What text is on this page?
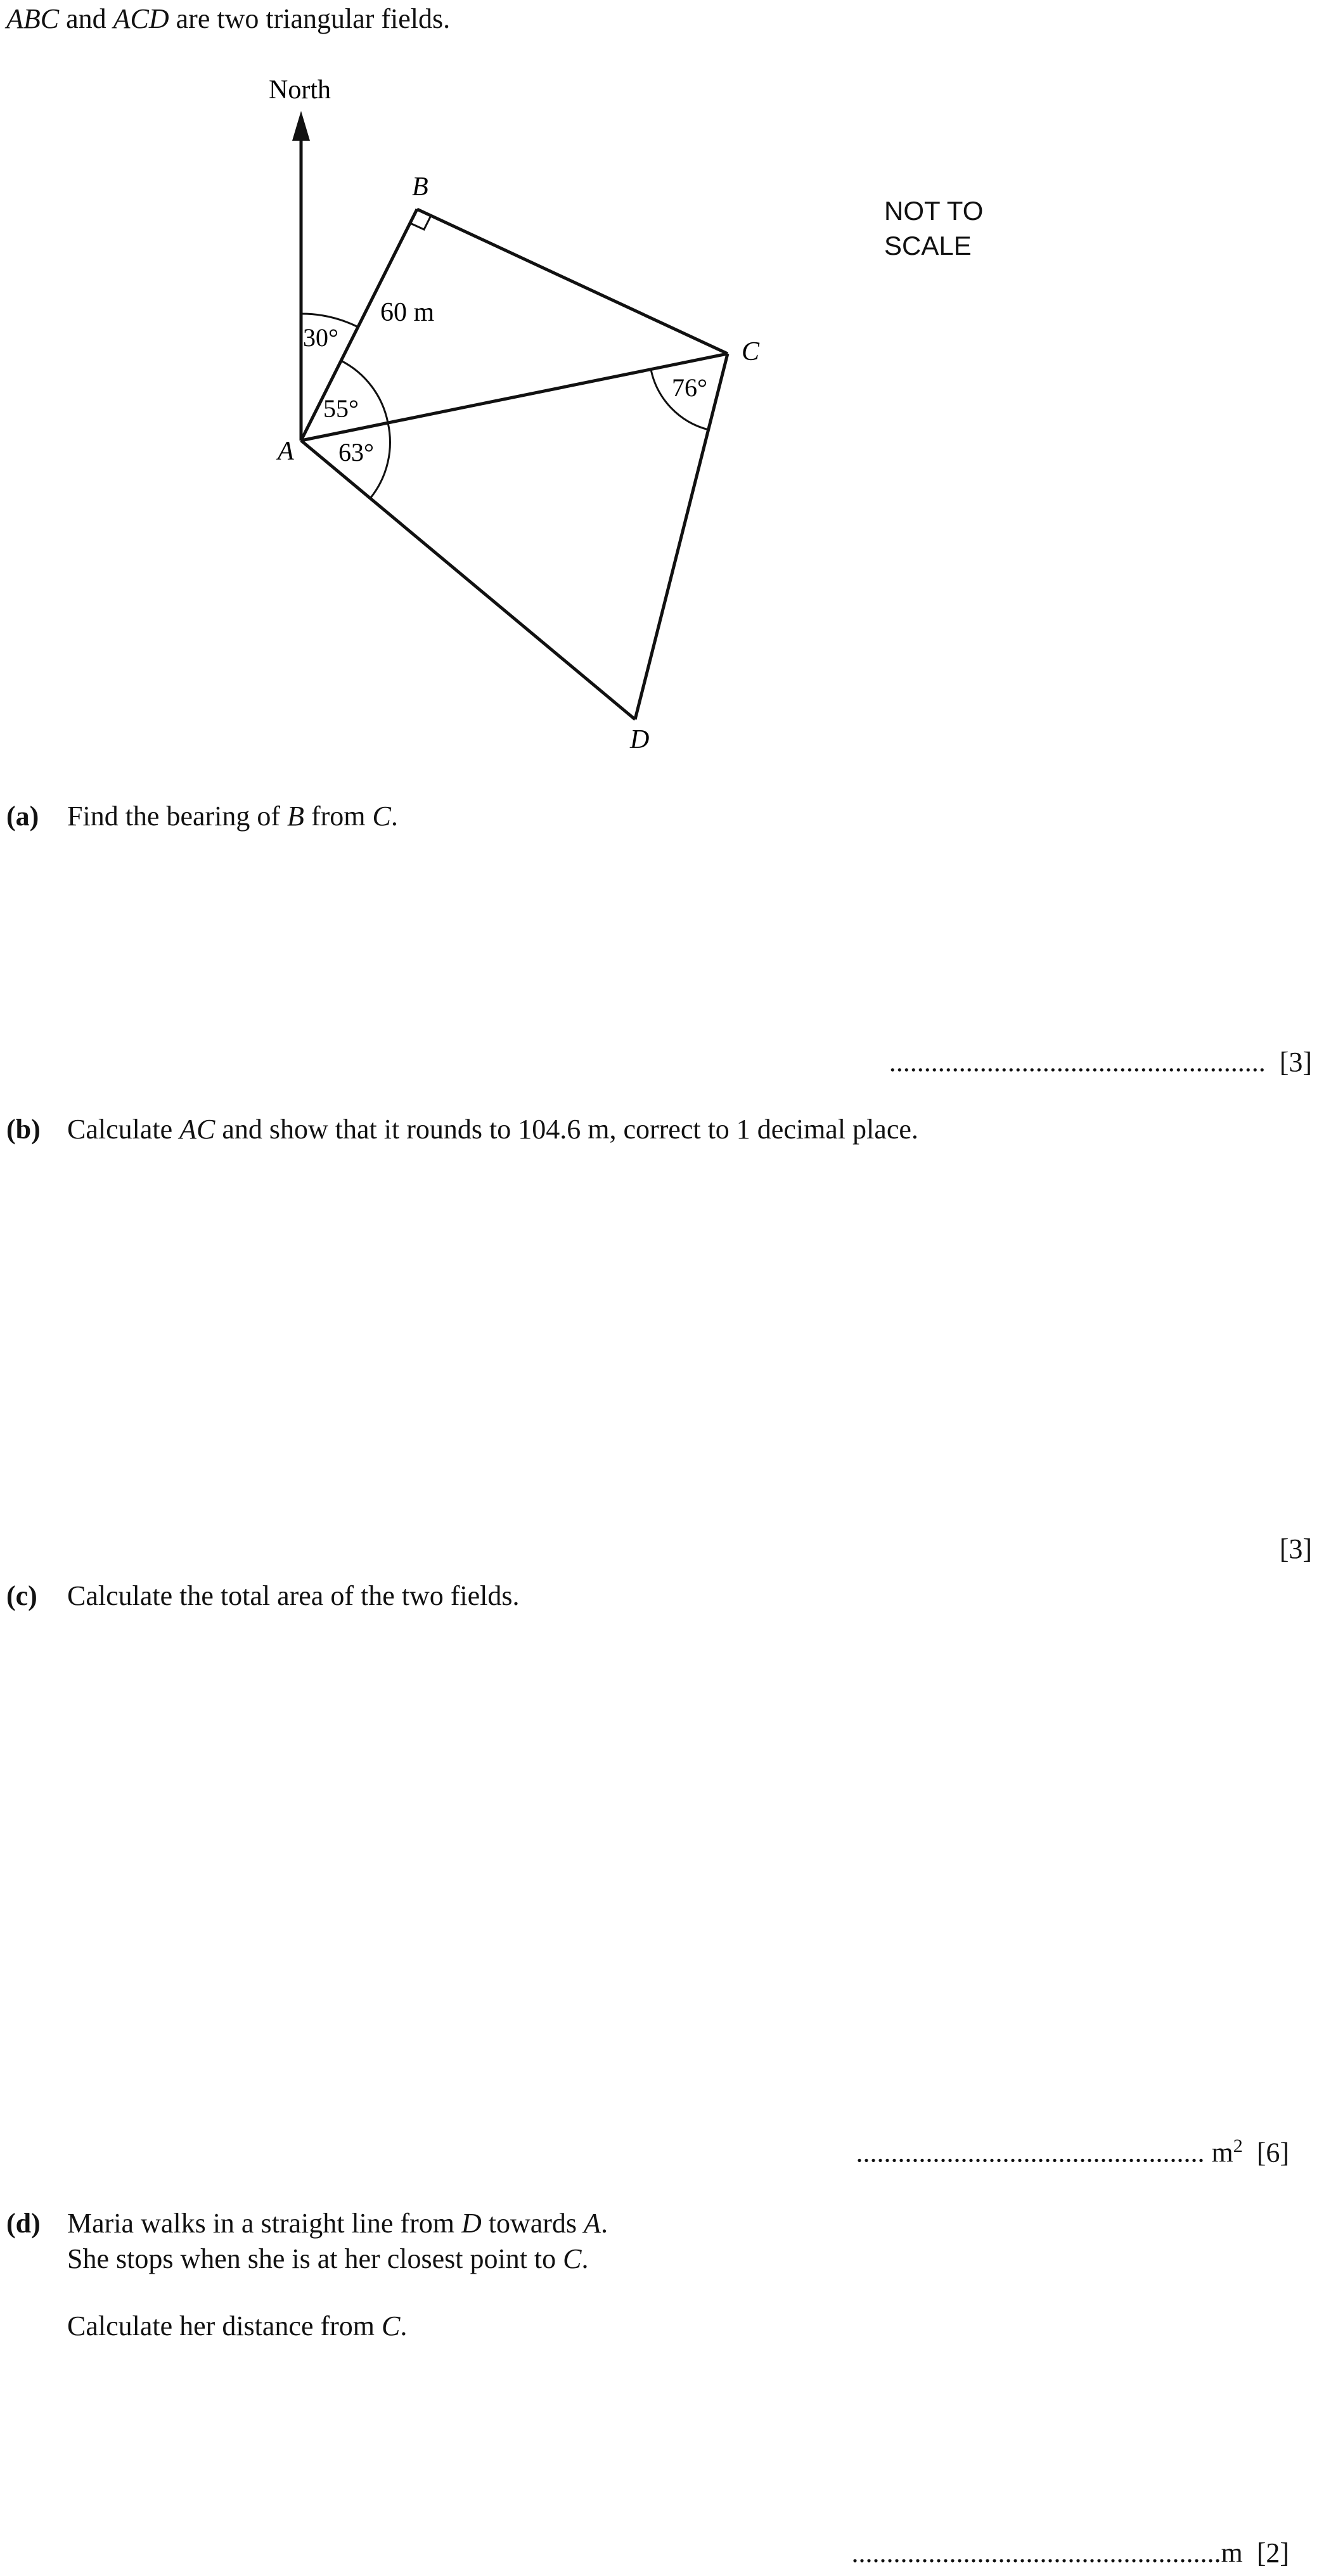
ABC and ACD are two triangular fields.
North
30°
55°
63°
76°
60 m
A
B
C
D
NOT TO
SCALE
(a) Find the bearing of B from C.
...................................................... [3]
(b) Calculate AC and show that it rounds to 104.6 m, correct to 1 decimal place.
[3]
(c) Calculate the total area of the two fields.
.................................................. $m^2$ [6]
(d) Maria walks in a straight line from D towards A.
She stops when she is at her closest point to C.
Calculate her distance from C.
.....................................................m [2]
